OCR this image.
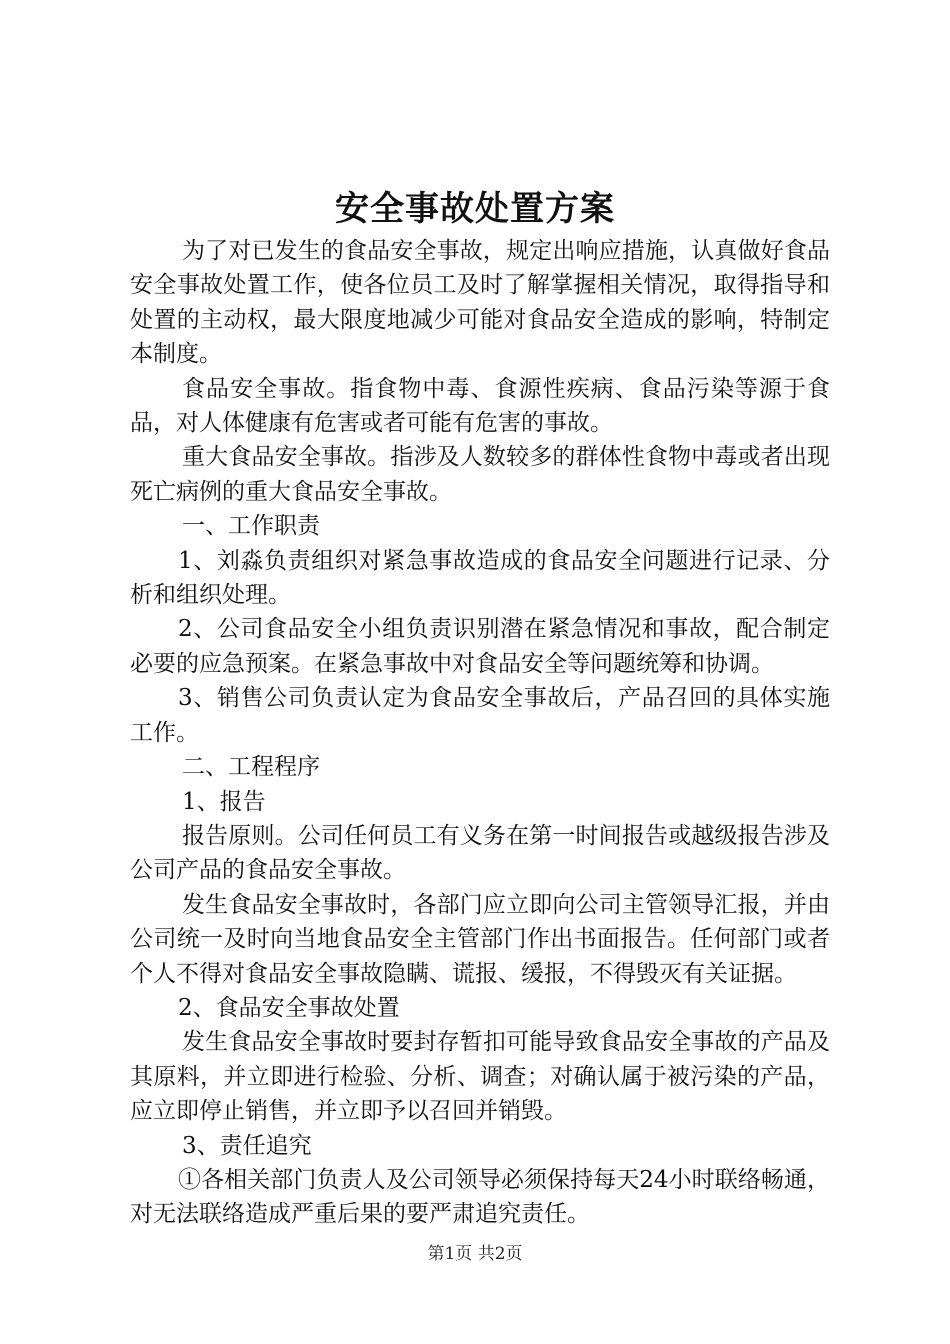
安全事故处置方案

为了对已发生的食品安全事故，规定出响应措施，认真做好食品安全事故处置工作，使各位员工及时了解掌握相关情况，取得指导和处置的主动权，最大限度地减少可能对食品安全造成的影响，特制定本制度。

食品安全事故。指食物中毒、食源性疾病、食品污染等源于食品，对人体健康有危害或者可能有危害的事故。

重大食品安全事故。指涉及人数较多的群体性食物中毒或者出现死亡病例的重大食品安全事故。

一、工作职责

1、刘淼负责组织对紧急事故造成的食品安全问题进行记录、分析和组织处理。

2、公司食品安全小组负责识别潜在紧急情况和事故，配合制定必要的应急预案。在紧急事故中对食品安全等问题统筹和协调。

3、销售公司负责认定为食品安全事故后，产品召回的具体实施工作。

二、工程程序

1、报告

报告原则。公司任何员工有义务在第一时间报告或越级报告涉及公司产品的食品安全事故。

发生食品安全事故时，各部门应立即向公司主管领导汇报，并由公司统一及时向当地食品安全主管部门作出书面报告。任何部门或者个人不得对食品安全事故隐瞒、谎报、缓报，不得毁灭有关证据。

2、食品安全事故处置

发生食品安全事故时要封存暂扣可能导致食品安全事故的产品及其原料，并立即进行检验、分析、调查；对确认属于被污染的产品，应立即停止销售，并立即予以召回并销毁。

3、责任追究

①各相关部门负责人及公司领导必须保持每天24小时联络畅通，对无法联络造成严重后果的要严肃追究责任。

第1页 共2页
